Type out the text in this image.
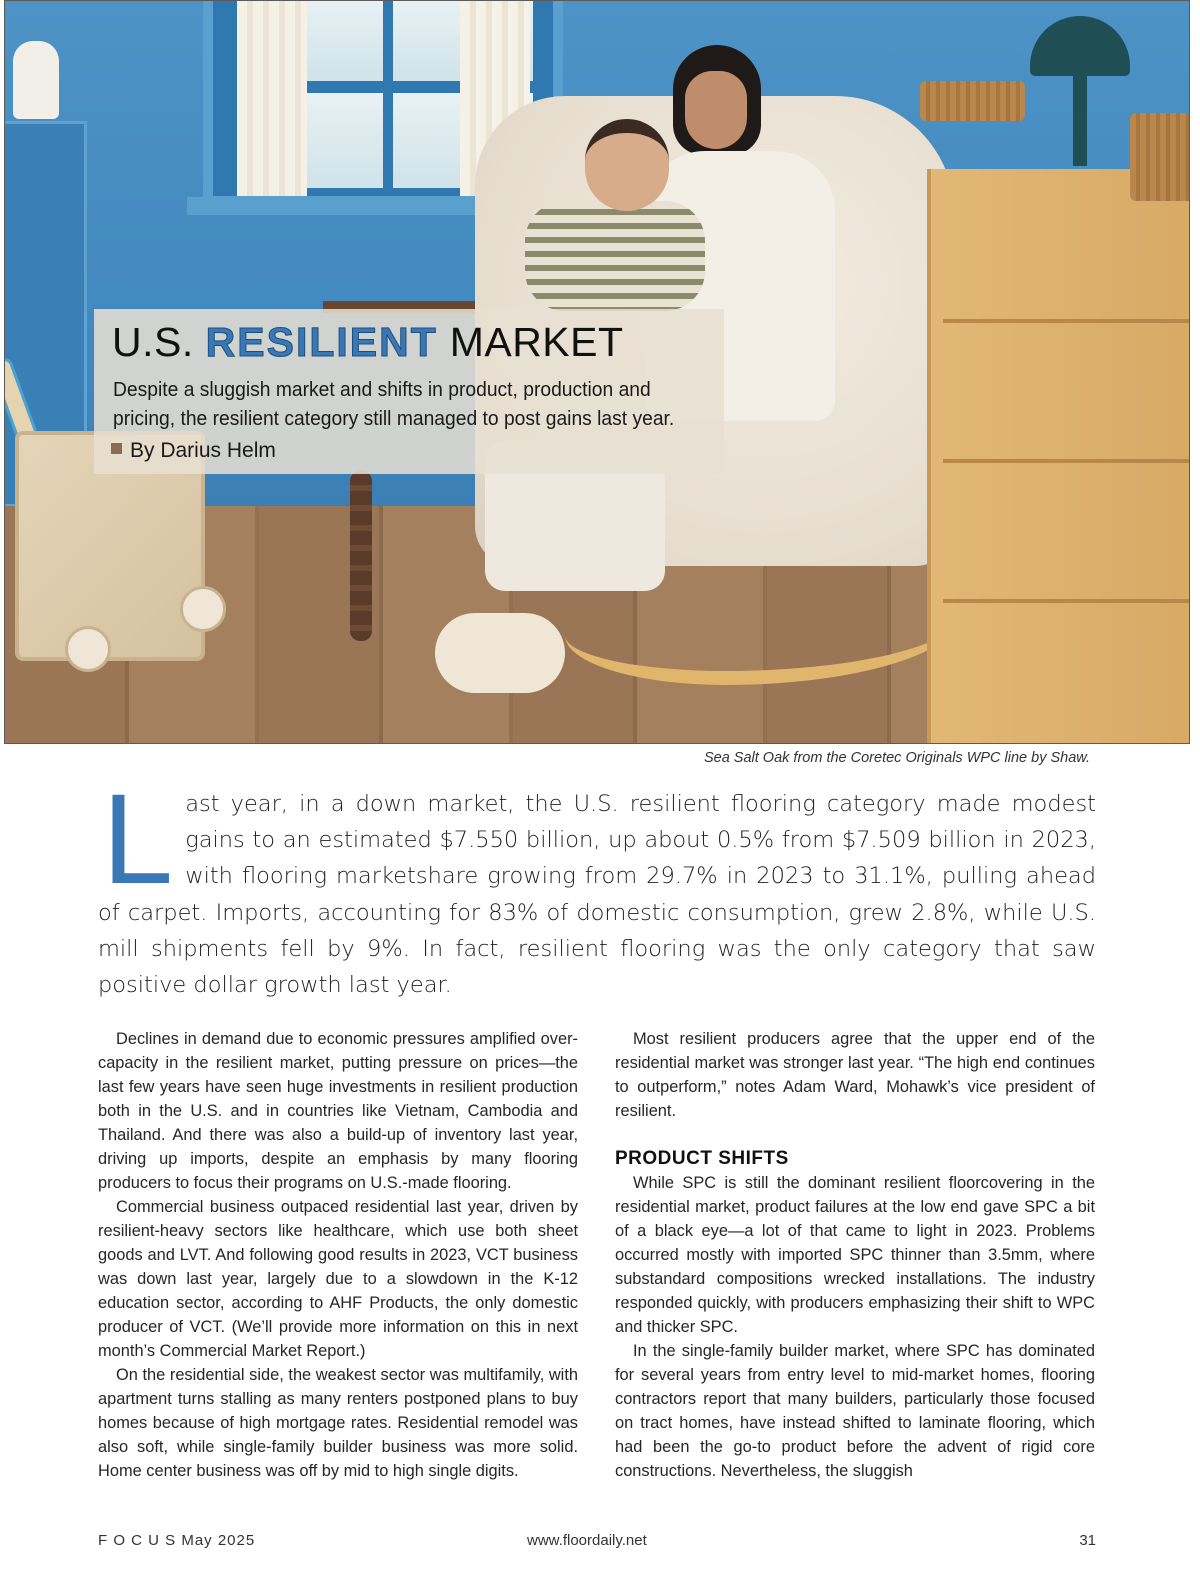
U.S. RESILIENT MARKET

Despite a sluggish market and shifts in product, production and pricing, the resilient category still managed to post gains last year.

By Darius Helm
Sea Salt Oak from the Coretec Originals WPC line by Shaw.

Last year, in a down market, the U.S. resilient flooring category made modest gains to an estimated $7.550 billion, up about 0.5% from $7.509 billion in 2023, with flooring marketshare growing from 29.7% in 2023 to 31.1%, pulling ahead of carpet. Imports, accounting for 83% of domestic consumption, grew 2.8%, while U.S. mill shipments fell by 9%. In fact, resilient flooring was the only category that saw positive dollar growth last year.

Declines in demand due to economic pressures amplified over-capacity in the resilient market, putting pressure on prices—the last few years have seen huge investments in resilient production both in the U.S. and in countries like Vietnam, Cambodia and Thailand. And there was also a build-up of inventory last year, driving up imports, despite an emphasis by many flooring producers to focus their programs on U.S.-made flooring.

Commercial business outpaced residential last year, driven by resilient-heavy sectors like healthcare, which use both sheet goods and LVT. And following good results in 2023, VCT business was down last year, largely due to a slowdown in the K-12 education sector, according to AHF Products, the only domestic producer of VCT. (We’ll provide more information on this in next month’s Commercial Market Report.)

On the residential side, the weakest sector was multifamily, with apartment turns stalling as many renters postponed plans to buy homes because of high mortgage rates. Residential remodel was also soft, while single-family builder business was more solid. Home center business was off by mid to high single digits.

Most resilient producers agree that the upper end of the residential market was stronger last year. “The high end continues to outperform,” notes Adam Ward, Mohawk’s vice president of resilient.

PRODUCT SHIFTS

While SPC is still the dominant resilient floorcovering in the residential market, product failures at the low end gave SPC a bit of a black eye—a lot of that came to light in 2023. Problems occurred mostly with imported SPC thinner than 3.5mm, where substandard compositions wrecked installations. The industry responded quickly, with producers emphasizing their shift to WPC and thicker SPC.

In the single-family builder market, where SPC has dominated for several years from entry level to mid-market homes, flooring contractors report that many builders, particularly those focused on tract homes, have instead shifted to laminate flooring, which had been the go-to product before the advent of rigid core constructions. Nevertheless, the sluggish

F O C U S May 2025	www.floordaily.net	31
